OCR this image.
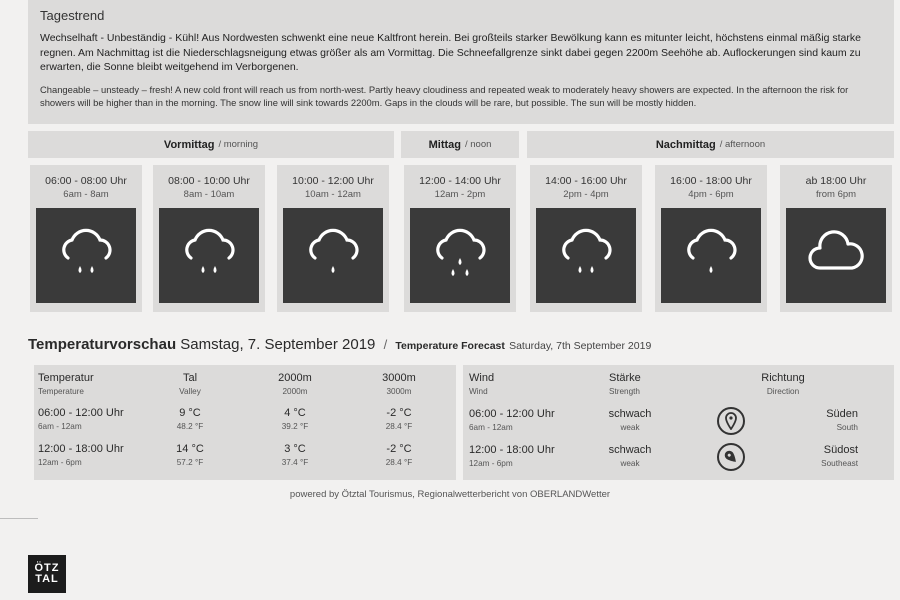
Tagestrend

Wechselhaft - Unbeständig - Kühl! Aus Nordwesten schwenkt eine neue Kaltfront herein. Bei großteils starker Bewölkung kann es mitunter leicht, höchstens einmal mäßig starke regnen. Am Nachmittag ist die Niederschlagsneigung etwas größer als am Vormittag. Die Schneefallgrenze sinkt dabei gegen 2200m Seehöhe ab. Auflockerungen sind kaum zu erwarten, die Sonne bleibt weitgehend im Verborgenen.

Changeable – unsteady – fresh! A new cold front will reach us from north-west. Partly heavy cloudiness and repeated weak to moderately heavy showers are expected. In the afternoon the risk for showers will be higher than in the morning. The snow line will sink towards 2200m. Gaps in the clouds will be rare, but possible. The sun will be mostly hidden.

Vormittag / morning	Mittag / noon	Nachmittag / afternoon
06:00 - 08:00 Uhr
6am - 8am
08:00 - 10:00 Uhr
8am - 10am
10:00 - 12:00 Uhr
10am - 12am
12:00 - 14:00 Uhr
12am - 2pm
14:00 - 16:00 Uhr
2pm - 4pm
16:00 - 18:00 Uhr
4pm - 6pm
ab 18:00 Uhr
from 6pm
Temperaturvorschau Samstag, 7. September 2019 / Temperature Forecast Saturday, 7th September 2019
Temperatur
Temperature
Tal
Valley
2000m
2000m
3000m
3000m
06:00 - 12:00 Uhr
6am - 12am
9 °C
48.2 °F
4 °C
39.2 °F
-2 °C
28.4 °F
12:00 - 18:00 Uhr
12am - 6pm
14 °C
57.2 °F
3 °C
37.4 °F
-2 °C
28.4 °F
Wind
Wind
Stärke
Strength
Richtung
Direction
06:00 - 12:00 Uhr
6am - 12am
schwach
weak
Süden
South
12:00 - 18:00 Uhr
12am - 6pm
schwach
weak
Südost
Southeast
powered by Ötztal Tourismus, Regionalwetterbericht von OBERLANDWetter
ÖTZ
TAL
